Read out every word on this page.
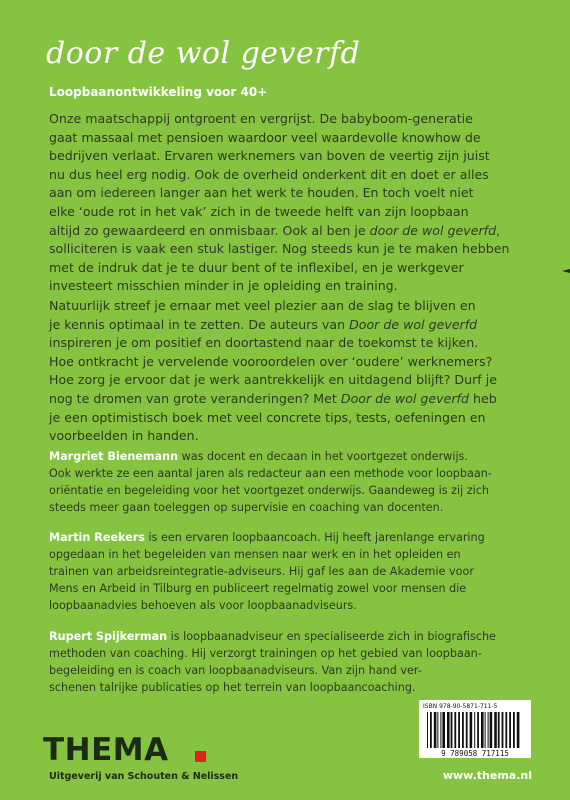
door de wol geverfd
Loopbaanontwikkeling voor 40+

Onze maatschappij ontgroent en vergrijst. De babyboom-generatie
gaat massaal met pensioen waardoor veel waardevolle knowhow de
bedrijven verlaat. Ervaren werknemers van boven de veertig zijn juist
nu dus heel erg nodig. Ook de overheid onderkent dit en doet er alles
aan om iedereen langer aan het werk te houden. En toch voelt niet
elke ‘oude rot in het vak’ zich in de tweede helft van zijn loopbaan
altijd zo gewaardeerd en onmisbaar. Ook al ben je door de wol geverfd,
solliciteren is vaak een stuk lastiger. Nog steeds kun je te maken hebben
met de indruk dat je te duur bent of te inflexibel, en je werkgever
investeert misschien minder in je opleiding en training.

Natuurlijk streef je ernaar met veel plezier aan de slag te blijven en
je kennis optimaal in te zetten. De auteurs van Door de wol geverfd
inspireren je om positief en doortastend naar de toekomst te kijken.
Hoe ontkracht je vervelende vooroordelen over ‘oudere’ werknemers?
Hoe zorg je ervoor dat je werk aantrekkelijk en uitdagend blijft? Durf je
nog te dromen van grote veranderingen? Met Door de wol geverfd heb
je een optimistisch boek met veel concrete tips, tests, oefeningen en
voorbeelden in handen.

Margriet Bienemann was docent en decaan in het voortgezet onderwijs.
Ook werkte ze een aantal jaren als redacteur aan een methode voor loopbaan-
oriëntatie en begeleiding voor het voortgezet onderwijs. Gaandeweg is zij zich
steeds meer gaan toeleggen op supervisie en coaching van docenten.

Martin Reekers is een ervaren loopbaancoach. Hij heeft jarenlange ervaring
opgedaan in het begeleiden van mensen naar werk en in het opleiden en
trainen van arbeidsreintegratie-adviseurs. Hij gaf les aan de Akademie voor
Mens en Arbeid in Tilburg en publiceert regelmatig zowel voor mensen die
loopbaanadvies behoeven als voor loopbaanadviseurs.

Rupert Spijkerman is loopbaanadviseur en specialiseerde zich in biografische
methoden van coaching. Hij verzorgt trainingen op het gebied van loopbaan-
begeleiding en is coach van loopbaanadviseurs. Van zijn hand ver-
schenen talrijke publicaties op het terrein van loopbaancoaching.

ISBN 978-90-5871-711-5
9 789058 717115
THEMA
Uitgeverij van Schouten & Nelissen	www.thema.nl
